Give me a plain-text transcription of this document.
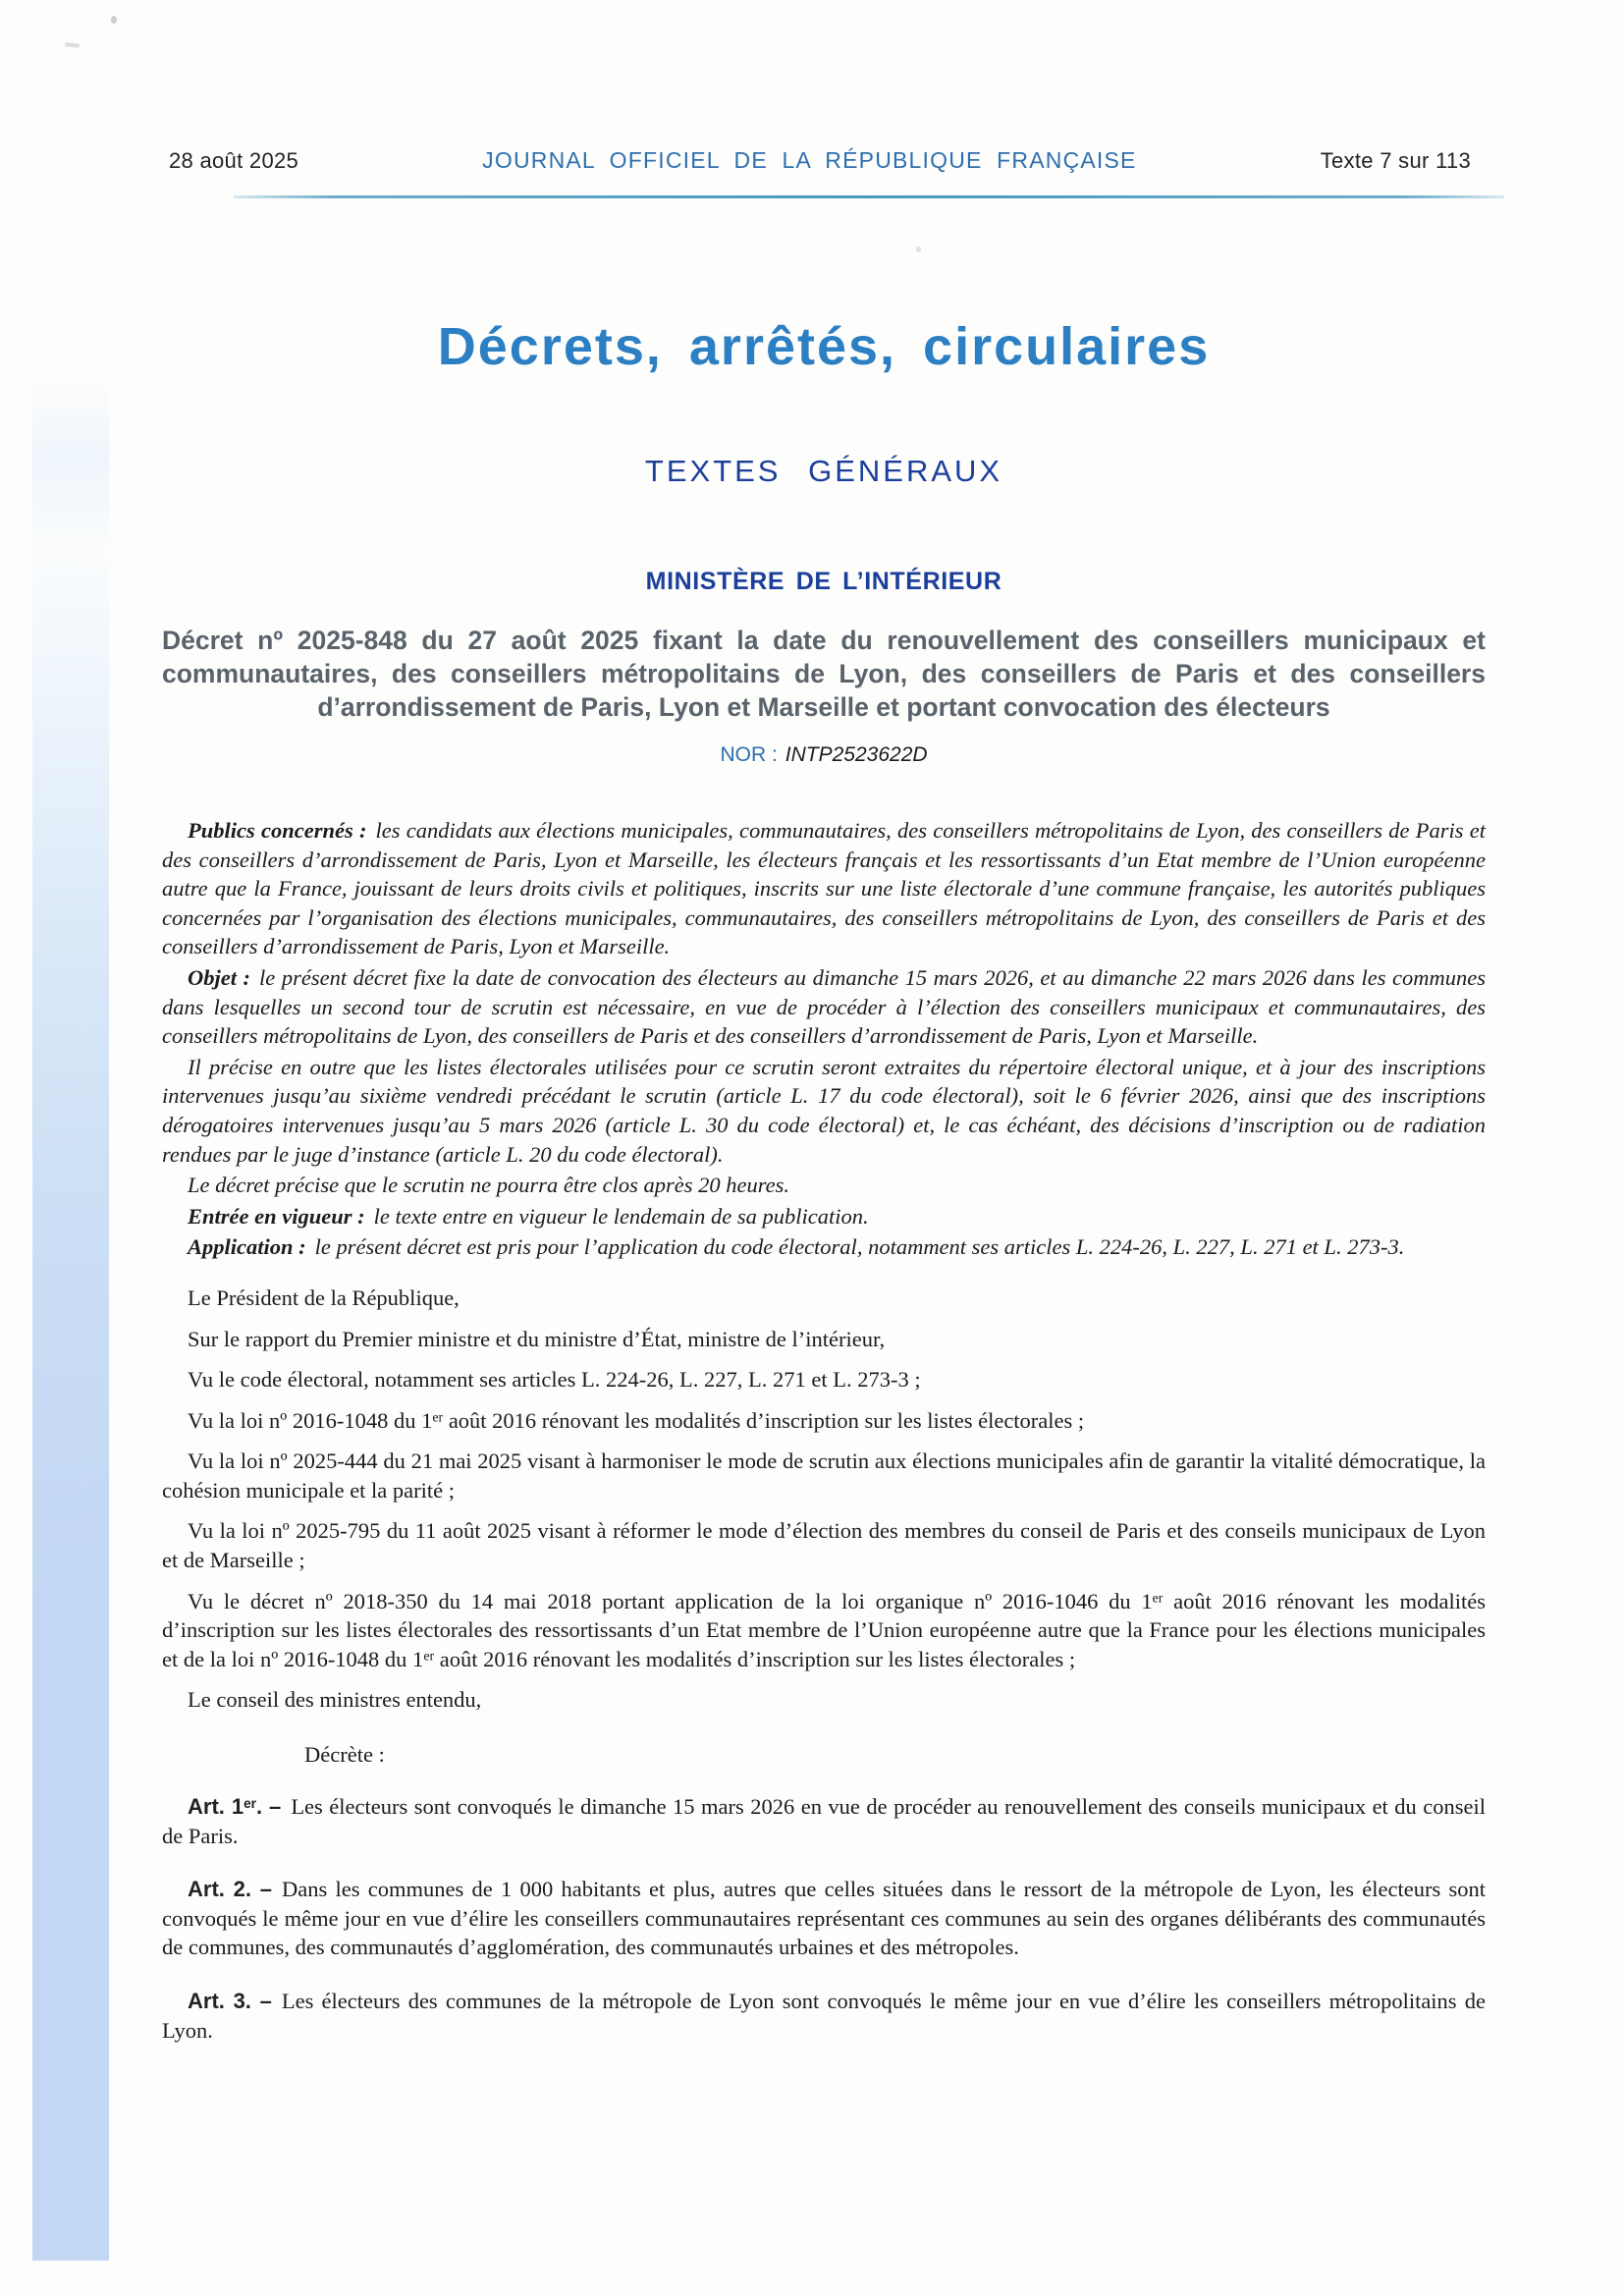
28 août 2025	JOURNAL OFFICIEL DE LA RÉPUBLIQUE FRANÇAISE	Texte 7 sur 113
Décrets, arrêtés, circulaires
TEXTES GÉNÉRAUX
MINISTÈRE DE L’INTÉRIEUR

Décret nº 2025-848 du 27 août 2025 fixant la date du renouvellement des conseillers municipaux et communautaires, des conseillers métropolitains de Lyon, des conseillers de Paris et des conseillers d’arrondissement de Paris, Lyon et Marseille et portant convocation des électeurs

NOR : INTP2523622D

Publics concernés : les candidats aux élections municipales, communautaires, des conseillers métropolitains de Lyon, des conseillers de Paris et des conseillers d’arrondissement de Paris, Lyon et Marseille, les électeurs français et les ressortissants d’un Etat membre de l’Union européenne autre que la France, jouissant de leurs droits civils et politiques, inscrits sur une liste électorale d’une commune française, les autorités publiques concernées par l’organisation des élections municipales, communautaires, des conseillers métropolitains de Lyon, des conseillers de Paris et des conseillers d’arrondissement de Paris, Lyon et Marseille.

Objet : le présent décret fixe la date de convocation des électeurs au dimanche 15 mars 2026, et au dimanche 22 mars 2026 dans les communes dans lesquelles un second tour de scrutin est nécessaire, en vue de procéder à l’élection des conseillers municipaux et communautaires, des conseillers métropolitains de Lyon, des conseillers de Paris et des conseillers d’arrondissement de Paris, Lyon et Marseille.

Il précise en outre que les listes électorales utilisées pour ce scrutin seront extraites du répertoire électoral unique, et à jour des inscriptions intervenues jusqu’au sixième vendredi précédant le scrutin (article L. 17 du code électoral), soit le 6 février 2026, ainsi que des inscriptions dérogatoires intervenues jusqu’au 5 mars 2026 (article L. 30 du code électoral) et, le cas échéant, des décisions d’inscription ou de radiation rendues par le juge d’instance (article L. 20 du code électoral).

Le décret précise que le scrutin ne pourra être clos après 20 heures.

Entrée en vigueur : le texte entre en vigueur le lendemain de sa publication.

Application : le présent décret est pris pour l’application du code électoral, notamment ses articles L. 224-26, L. 227, L. 271 et L. 273-3.

Le Président de la République,

Sur le rapport du Premier ministre et du ministre d’État, ministre de l’intérieur,

Vu le code électoral, notamment ses articles L. 224-26, L. 227, L. 271 et L. 273-3 ;

Vu la loi nº 2016-1048 du 1er août 2016 rénovant les modalités d’inscription sur les listes électorales ;

Vu la loi nº 2025-444 du 21 mai 2025 visant à harmoniser le mode de scrutin aux élections municipales afin de garantir la vitalité démocratique, la cohésion municipale et la parité ;

Vu la loi nº 2025-795 du 11 août 2025 visant à réformer le mode d’élection des membres du conseil de Paris et des conseils municipaux de Lyon et de Marseille ;

Vu le décret nº 2018-350 du 14 mai 2018 portant application de la loi organique nº 2016-1046 du 1er août 2016 rénovant les modalités d’inscription sur les listes électorales des ressortissants d’un Etat membre de l’Union européenne autre que la France pour les élections municipales et de la loi nº 2016-1048 du 1er août 2016 rénovant les modalités d’inscription sur les listes électorales ;

Le conseil des ministres entendu,

Décrète :

Art. 1er. – Les électeurs sont convoqués le dimanche 15 mars 2026 en vue de procéder au renouvellement des conseils municipaux et du conseil de Paris.

Art. 2. – Dans les communes de 1 000 habitants et plus, autres que celles situées dans le ressort de la métropole de Lyon, les électeurs sont convoqués le même jour en vue d’élire les conseillers communautaires représentant ces communes au sein des organes délibérants des communautés de communes, des communautés d’agglomération, des communautés urbaines et des métropoles.

Art. 3. – Les électeurs des communes de la métropole de Lyon sont convoqués le même jour en vue d’élire les conseillers métropolitains de Lyon.
